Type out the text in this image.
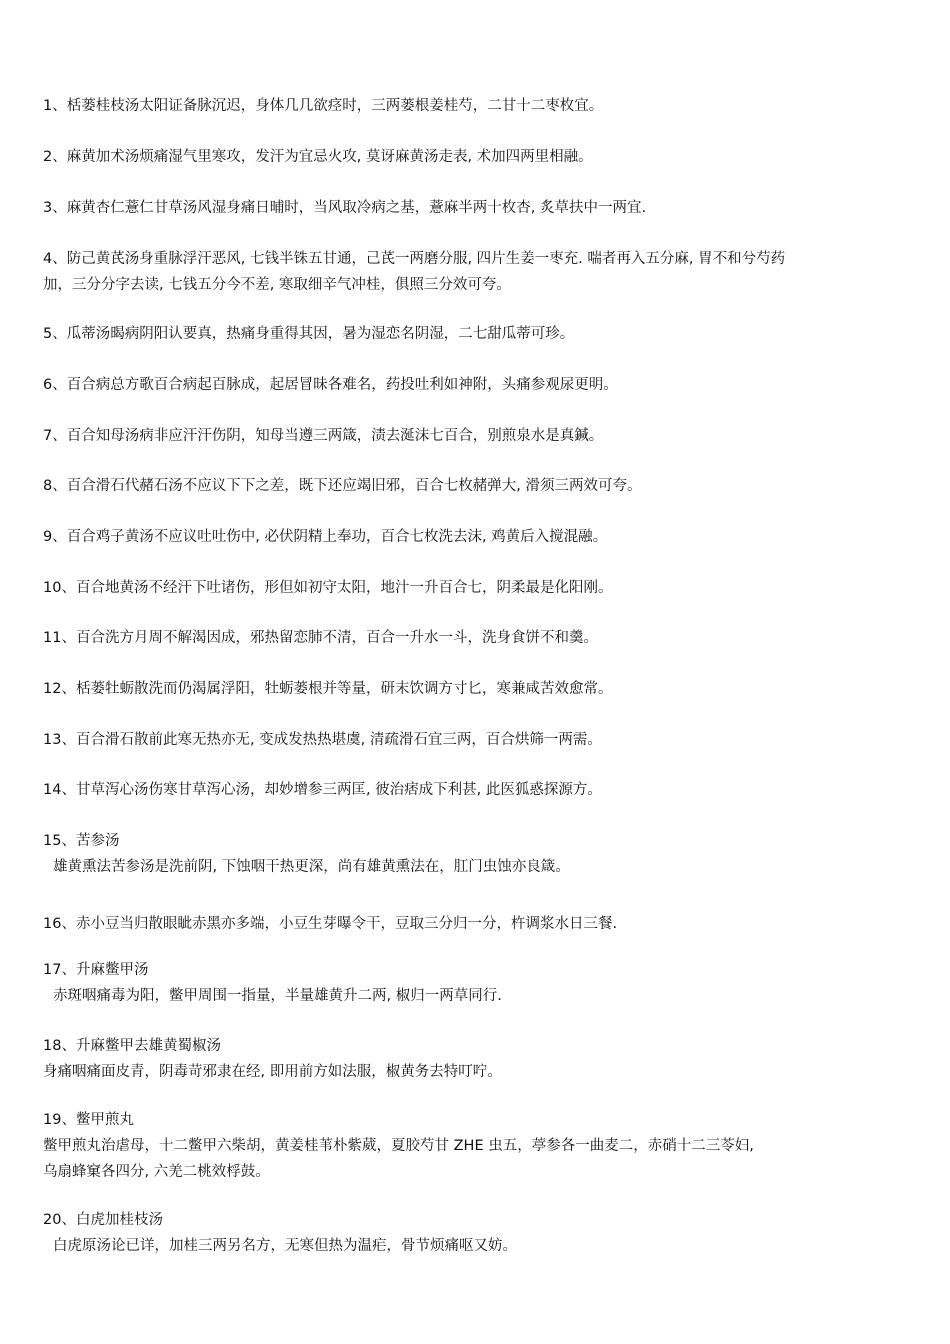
1、栝蒌桂枝汤太阳证备脉沉迟，身体几几欲痉时，三两蒌根姜桂芍，二甘十二枣枚宜。
2、麻黄加术汤烦痛湿气里寒攻，发汗为宜忌火攻, 莫讶麻黄汤走表, 术加四两里相融。
3、麻黄杏仁薏仁甘草汤风湿身痛日晡时，当风取冷病之基，薏麻半两十枚杏, 炙草扶中一两宜.
4、防己黄芪汤身重脉浮汗恶风, 七钱半铢五甘通，己芪一两磨分服, 四片生姜一枣充. 喘者再入五分麻, 胃不和兮芍药
加，三分分字去读, 七钱五分今不差, 寒取细辛气冲桂，俱照三分效可夸。
5、瓜蒂汤暍病阴阳认要真，热痛身重得其因，暑为湿恋名阴湿，二七甜瓜蒂可珍。
6、百合病总方歌百合病起百脉成，起居冒昧各难名，药投吐利如神附，头痛参观尿更明。
7、百合知母汤病非应汗汗伤阴，知母当遵三两箴，渍去涎沫七百合，别煎泉水是真鍼。
8、百合滑石代赭石汤不应议下下之差，既下还应竭旧邪，百合七枚赭弹大, 滑须三两效可夸。
9、百合鸡子黄汤不应议吐吐伤中, 必伏阴精上奉功，百合七枚洗去沫, 鸡黄后入搅混融。
10、百合地黄汤不经汗下吐诸伤，形但如初守太阳，地汁一升百合七，阴柔最是化阳刚。
11、百合洗方月周不解渴因成，邪热留恋肺不清，百合一升水一斗，洗身食饼不和羹。
12、栝蒌牡蛎散洗而仍渴属浮阳，牡蛎蒌根并等量，研末饮调方寸匕，寒兼咸苦效愈常。
13、百合滑石散前此寒无热亦无, 变成发热热堪虞, 清疏滑石宜三两，百合烘筛一两需。
14、甘草泻心汤伤寒甘草泻心汤，却妙增参三两匡, 彼治痞成下利甚, 此医狐惑探源方。
15、苦参汤
雄黄熏法苦参汤是洗前阴, 下蚀咽干热更深，尚有雄黄熏法在，肛门虫蚀亦良箴。
16、赤小豆当归散眼眦赤黑亦多端，小豆生芽曝令干，豆取三分归一分，杵调浆水日三餐.
17、升麻鳖甲汤
赤斑咽痛毒为阳，鳖甲周围一指量，半量雄黄升二两, 椒归一两草同行.
18、升麻鳖甲去雄黄蜀椒汤
身痛咽痛面皮青，阴毒苛邪隶在经, 即用前方如法服，椒黄务去特叮咛。
19、鳖甲煎丸
鳖甲煎丸治虐母，十二鳖甲六柴胡，黄姜桂苇朴紫葳，夏胶芍甘 ZHE 虫五，葶参各一曲麦二，赤硝十二三苓妇,
乌扇蜂窠各四分, 六羌二桃效桴鼓。
20、白虎加桂枝汤
白虎原汤论已详，加桂三两另名方，无寒但热为温疟，骨节烦痛呕又妨。
